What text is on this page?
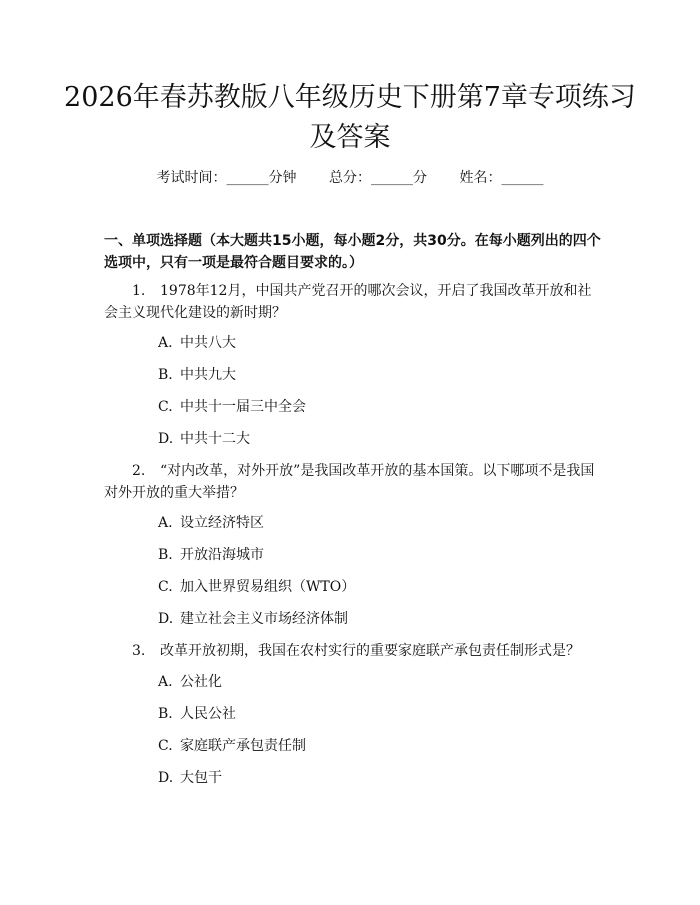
2026年春苏教版八年级历史下册第7章专项练习及答案
考试时间：______分钟 总分：______分 姓名：______
一、单项选择题（本大题共15小题，每小题2分，共30分。在每小题列出的四个选项中，只有一项是最符合题目要求的。）

1. 1978年12月，中国共产党召开的哪次会议，开启了我国改革开放和社会主义现代化建设的新时期？

A. 中共八大
B. 中共九大
C. 中共十一届三中全会
D. 中共十二大

2. “对内改革，对外开放”是我国改革开放的基本国策。以下哪项不是我国对外开放的重大举措？

A. 设立经济特区
B. 开放沿海城市
C. 加入世界贸易组织（WTO）
D. 建立社会主义市场经济体制

3. 改革开放初期，我国在农村实行的重要家庭联产承包责任制形式是？

A. 公社化
B. 人民公社
C. 家庭联产承包责任制
D. 大包干
